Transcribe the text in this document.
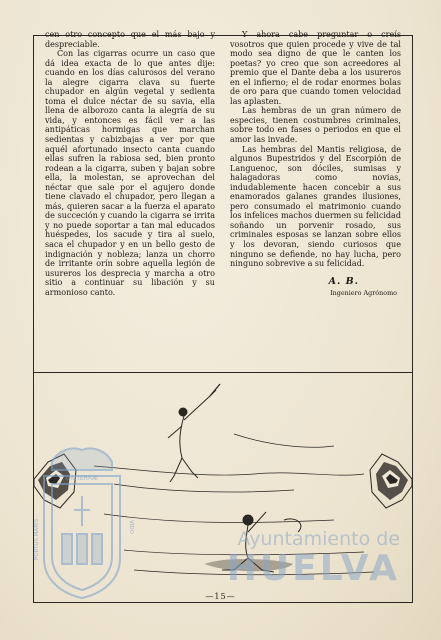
cen otro concepto que el más bajo y despreciable.

Con las cigarras ocurre un caso que dá idea exacta de lo que antes dije: cuando en los días calurosos del verano la alegre cigarra clava su fuerte chupador en algún vegetal y sedienta toma el dulce néctar de su savia, ella llena de alborozo canta la alegría de su vida, y entonces es fácil ver a las antipáticas hormigas que marchan sedientas y cabizbajas a ver por que aquél afortunado insecto canta cuando ellas sufren la rabiosa sed, bien pronto rodean a la cigarra, suben y bajan sobre ella, la molestan, se aprovechan del néctar que sale por el agujero donde tiene clavado el chupador, pero llegan a más, quieren sacar a la fuerza el aparato de succeción y cuando la cigarra se irrita y no puede soportar a tan mal educados huéspedes, los sacude y tira al suelo, saca el chupador y en un bello gesto de indignación y nobleza; lanza un chorro de irritante orín sobre aquella legión de usureros los desprecia y marcha a otro sitio a continuar su libación y su armonioso canto.

Y ahora cabe preguntar o creís vosotros que quien procede y vive de tal modo sea digno de que le canten los poetas? yo creo que son acreedores al premio que el Dante deba a los usureros en el infierno; el de rodar enormes bolas de oro para que cuando tomen velocidad las aplasten.

Las hembras de un gran número de especies, tienen costumbres criminales, sobre todo en fases o periodos en que el amor las invade.

Las hembras del Mantis religiosa, de algunos Bupestridos y del Escorpión de Languenoc, son dóciles, sumisas y halagadoras como novias, indudablemente hacen concebir a sus enamorados galanes grandes ilusiones, pero consumado el matrimonio cuando los infelices machos duermen su felicidad soñando un porvenir rosado, sus criminales esposas se lanzan sobre ellos y los devoran, siendo curiosos que ninguno se defiende, no hay lucha, pero ninguno sobrevive a su felicidad.

A. B.
Ingeniero Agrónomo
CIUTERRÆ
PORTUS MARIS	VIDO
Ayuntamiento de
HUELVA
—15—
